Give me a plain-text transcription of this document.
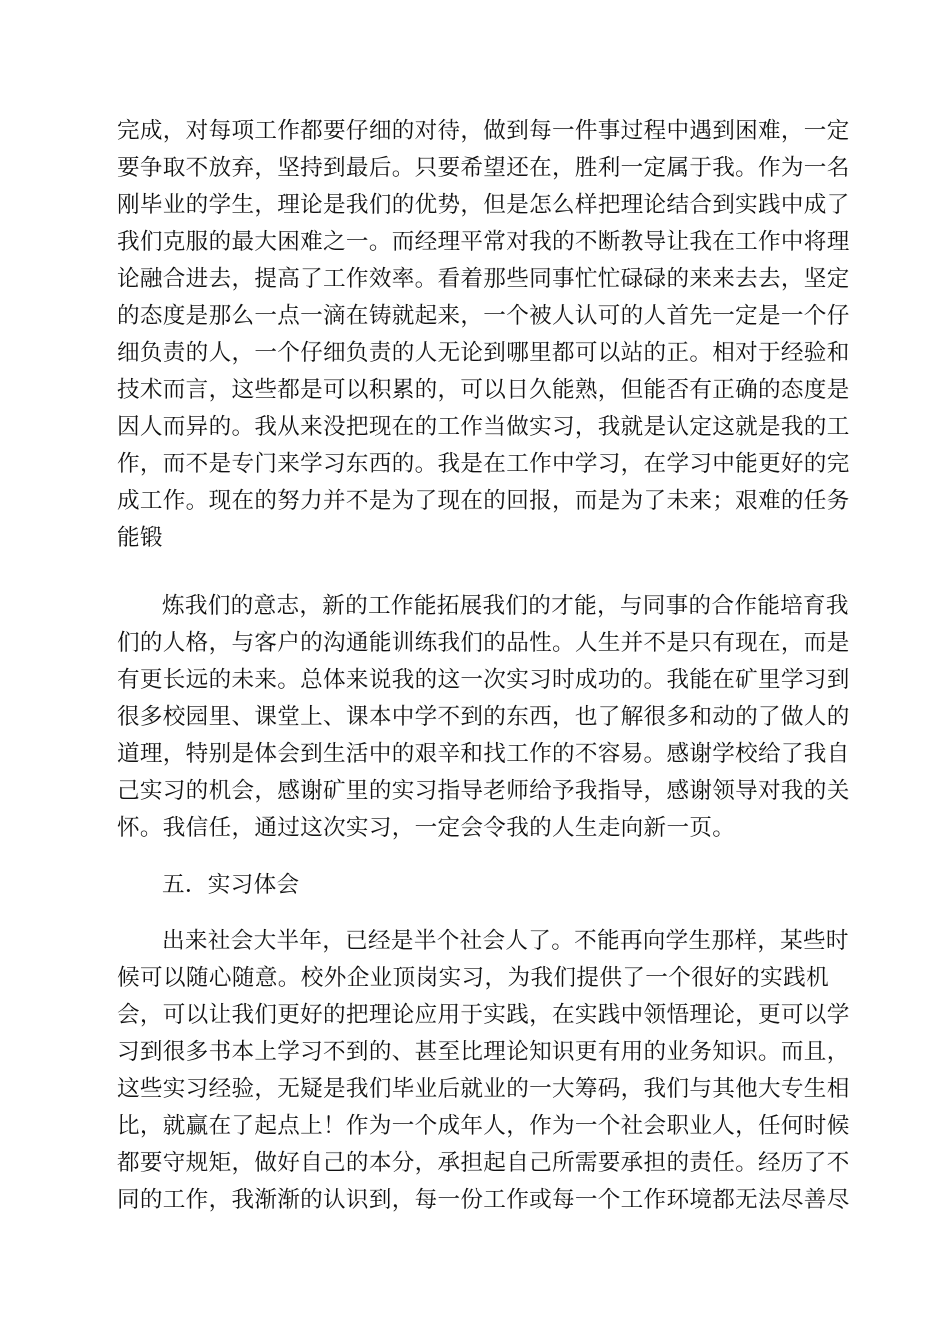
完成，对每项工作都要仔细的对待，做到每一件事过程中遇到困难，一定
要争取不放弃，坚持到最后。只要希望还在，胜利一定属于我。作为一名
刚毕业的学生，理论是我们的优势，但是怎么样把理论结合到实践中成了
我们克服的最大困难之一。而经理平常对我的不断教导让我在工作中将理
论融合进去，提高了工作效率。看着那些同事忙忙碌碌的来来去去，坚定
的态度是那么一点一滴在铸就起来，一个被人认可的人首先一定是一个仔
细负责的人，一个仔细负责的人无论到哪里都可以站的正。相对于经验和
技术而言，这些都是可以积累的，可以日久能熟，但能否有正确的态度是
因人而异的。我从来没把现在的工作当做实习，我就是认定这就是我的工
作，而不是专门来学习东西的。我是在工作中学习，在学习中能更好的完
成工作。现在的努力并不是为了现在的回报，而是为了未来；艰难的任务
能锻
炼我们的意志，新的工作能拓展我们的才能，与同事的合作能培育我
们的人格，与客户的沟通能训练我们的品性。人生并不是只有现在，而是
有更长远的未来。总体来说我的这一次实习时成功的。我能在矿里学习到
很多校园里、课堂上、课本中学不到的东西，也了解很多和动的了做人的
道理，特别是体会到生活中的艰辛和找工作的不容易。感谢学校给了我自
己实习的机会，感谢矿里的实习指导老师给予我指导，感谢领导对我的关
怀。我信任，通过这次实习，一定会令我的人生走向新一页。
五．实习体会
出来社会大半年，已经是半个社会人了。不能再向学生那样，某些时
候可以随心随意。校外企业顶岗实习，为我们提供了一个很好的实践机
会，可以让我们更好的把理论应用于实践，在实践中领悟理论，更可以学
习到很多书本上学习不到的、甚至比理论知识更有用的业务知识。而且，
这些实习经验，无疑是我们毕业后就业的一大筹码，我们与其他大专生相
比，就赢在了起点上！作为一个成年人，作为一个社会职业人，任何时候
都要守规矩，做好自己的本分，承担起自己所需要承担的责任。经历了不
同的工作，我渐渐的认识到，每一份工作或每一个工作环境都无法尽善尽
